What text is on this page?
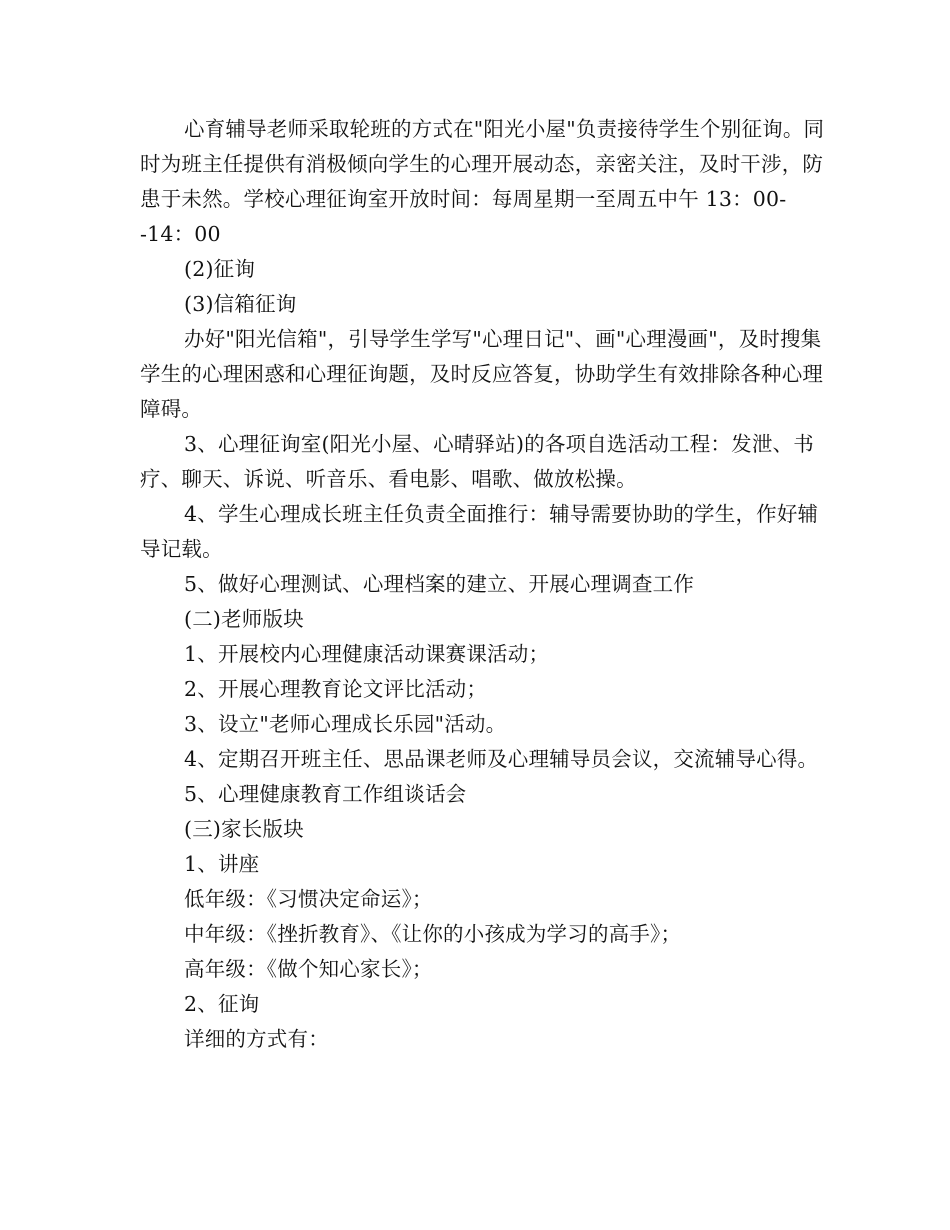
心育辅导老师采取轮班的方式在"阳光小屋"负责接待学生个别征询。同时为班主任提供有消极倾向学生的心理开展动态，亲密关注，及时干涉，防患于未然。学校心理征询室开放时间：每周星期一至周五中午 13：00--14：00

(2)征询

(3)信箱征询

办好"阳光信箱"，引导学生学写"心理日记"、画"心理漫画"，及时搜集学生的心理困惑和心理征询题，及时反应答复，协助学生有效排除各种心理障碍。

3、心理征询室(阳光小屋、心晴驿站)的各项自选活动工程：发泄、书疗、聊天、诉说、听音乐、看电影、唱歌、做放松操。

4、学生心理成长班主任负责全面推行：辅导需要协助的学生，作好辅导记载。

5、做好心理测试、心理档案的建立、开展心理调查工作

(二)老师版块

1、开展校内心理健康活动课赛课活动；

2、开展心理教育论文评比活动；

3、设立"老师心理成长乐园"活动。

4、定期召开班主任、思品课老师及心理辅导员会议，交流辅导心得。

5、心理健康教育工作组谈话会

(三)家长版块

1、讲座

低年级：《习惯决定命运》；

中年级：《挫折教育》、《让你的小孩成为学习的高手》；

高年级：《做个知心家长》；

2、征询

详细的方式有：
